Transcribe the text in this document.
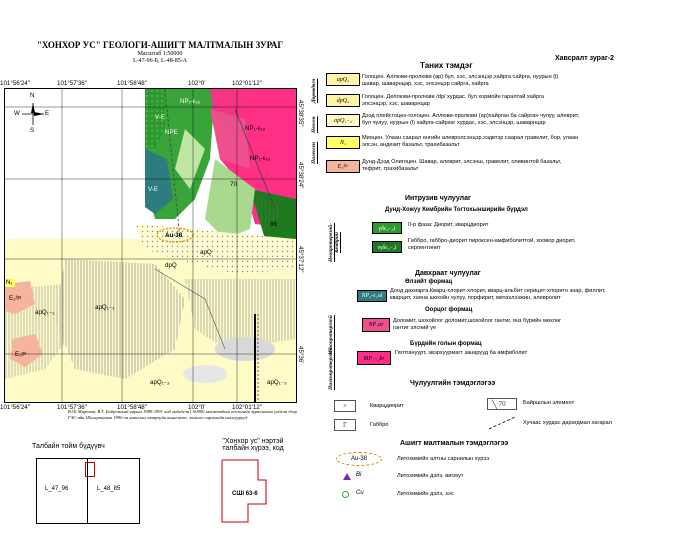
"ХОНХОР УС" ГЕОЛОГИ-АШИГТ МАЛТМАЛЫН ЗУРАГ
Масштаб 1:50000
L-47-96-Б, L-48-85-А
101°56'24"	101°57'36"	101°58'48"	102°0'	102°01'12"
101°56'24"	101°57'36"	101°58'48"	102°0'	102°01'12"
45°38'35"
45°38'24"
45°37'12"
45°36'
N
S
E
W
NP₁-ԑ₁ₒ
NP₁-ԑ₁ₒ
NP₁-ԑ₁ₒ
V-Е
V-Е
NPE
70
86
Au-38
apQ
apQ₁₋₃
apQ₁₋₃
apQ₁₋₃	apQ₁₋₃
dpQ
E₃ˡᵍᵃ
N₁
E₃ᵍᵃ
Ю.Б.Миронов, В.Т. Бобровский нарын 1989-1991 онд хийгдсэн1:50000 масштабын геологийн зураглалын үндсэн дээр ГЗС-ийн Шалгрантын 1990 он ашиглан газарзүйн ашиглалт, зохиолч сарлагийн шалгуурууд
Талбайн тойм бүдүүвч
L_47_96	L_48_85
"Хонхор ус" нэртэй
талбайн хүрээ, код
СШI 63-6
Хавсралт зураг-2
Таних тэмдэг
Дөрөвдөгч
Неоген
Палеоген
apQ₄	Голоцен. Аллюви-пролюви (ap) бул, хэс, элсэнцэр,хайрга сайрга, нуурын (l) шавар, шаварнцар, хэс, элсэнцэр сайрга, хайрга
dpQ₄
Голоцен. Деллюви-пролюви /dp/ хурдас. бул хормойн гаралтай хайрга элсэнцэр, хэс, шаварнцар
apQ₁₋₃
Дээд плейстоцен-голоцен. Аллюви-пролюви (ap)хайрган ба сайрган чулуу, алеврит, бул чулуу, нуурын (l) хайрга-сайрхаг хурдас, хэс, элсэнцэр, шаварнцар
N₁
Миоцен. Улаан саарал өнгийн алевролсэнцэр,хэдвтэр саарал гравелит, бор, улаан элсэн, андезит базальт, трахибазальт
E₃ˡᵍᵃ
Дунд-Дээд Олигоцен. Шавар, алеврит, элсэнш, гравелит, оливинтой базальт, тефрит, трахибазальт
Интрузив чулуулаг
Дунд-Хожуу Кембрийн Тогтохынширийн бүрдэл
Неопротерозой-Кембрий
γδε₂₋₃t
II-р фаза: Диорит, кварцдиорит
νγδε₂₋₃t
Габбро, габбро-диорит пироксен-амфиболиттой, хоовор диорит, серпентинит
Давхраат чулуулаг
Өлзийт формац
NP₂-ԑ₁ol
Доод дахиарга.Кварц-хлорит-хлорит, кварц-альбит серицит-хлорито знар, филлит, кварцит, хаяна шохойн чулуу, порфирит, метахлээжин, алевролит
Оорцог формац
Мезопротерозой	NP₁or
Доломит, шохойлог доломит,шохойлог гантиг, янз бүрийн мөхлөг гантиг элсний үе
Бүрдийн голын формац
Палеопротерозой	MP₁₋₂br
Гялтгануурт, эвэрхуурмагт занарууд ба амфиболит
Чулуулгийн тэмдэглэгээ
×	Кварцдиорит
Г	Габбро
╲
70	Байршлын элемент
Хучаас хурдас дарагдмал хагарал
Ашигт малтмалын тэмдэглэгээ
Au-38	Литохимийн алтны сарнилын хүрээ
Bi	Литохимийн дэлэ, висмут
Cu	Литохимийн дэлэ, зэс
